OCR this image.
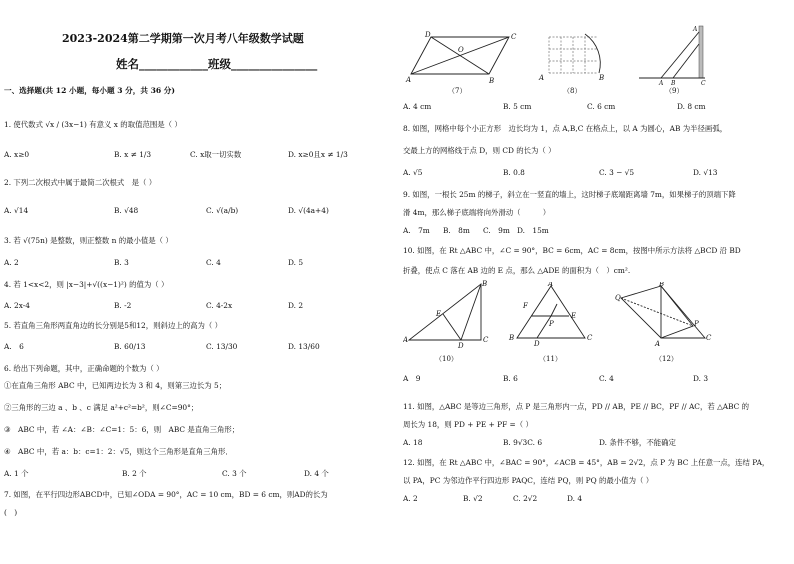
2023-2024第二学期第一次月考八年级数学试题
姓名____________班级_______________
一、选择题(共 12 小题，每小题 3 分，共 36 分)
1. 使代数式 √x / (3x−1) 有意义 x 的取值范围是（ ）
A. x≥0	B. x ≠ 1/3	C. x取一切实数	D. x≥0且x ≠ 1/3
2. 下列二次根式中属于最简二次根式　是（ ）
A. √14	B. √48	C. √(a/b)	D. √(4a+4)
3. 若 √(75n) 是整数，则正整数 n 的最小值是（ ）
A. 2	B. 3	C. 4	D. 5
4. 若 1<x<2，则 |x−3|+√((x−1)²) 的值为（ ）
A. 2x-4	B. -2	C. 4-2x	D. 2
5. 若直角三角形两直角边的长分别是5和12，则斜边上的高为（ ）
A.　6	B. 60/13	C. 13/30	D. 13/60
6. 给出下列命题，其中，正确命题的个数为（ ）
①在直角三角形 ABC 中，已知两边长为 3 和 4，则第三边长为 5；
②三角形的三边 a 、b 、c 满足 a²+c²=b²，则∠C=90°；
③　ABC 中，若 ∠A：∠B：∠C=1：5：6，则　ABC 是直角三角形；
④　ABC 中，若 a：b：c=1：2：√5，则这个三角形是直角三角形．
A. 1 个	B. 2 个	C. 3 个	D. 4 个
7. 如图，在平行四边形ABCD中，已知∠ODA = 90°，AC = 10 cm，BD = 6 cm，则AD的长为
(　)
A
D	C
B
O
（7）
A	B
（8）
A B	C
A
（9）
A. 4 cm	B. 5 cm	C. 6 cm	D. 8 cm
8. 如图，网格中每个小正方形　边长均为 1，点 A,B,C 在格点上，以 A 为圆心，AB 为半径画弧，
交最上方的网格线于点 D，则 CD 的长为（ ）
A. √5	B. 0.8	C. 3 − √5	D. √13
9. 如图，一根长 25m 的梯子，斜立在一竖直的墙上，这时梯子底端距离墙 7m，如果梯子的顶端下降
滑 4m，那么梯子底端将向外滑动（　　　）
A.　7m B.　8m C.　9m D.　15m
10. 如图，在 Rt △ABC 中，∠C = 90°，BC = 6cm，AC = 8cm，按图中所示方法将 △BCD 沿 BD
折叠，使点 C 落在 AB 边的 E 点，那么 △ADE 的面积为（　）cm².
A
B
C
D
E
（10）
B
A
C
D
E
F
P
（11）
Q
B
C
A
P
（12）
A　9	B. 6	C. 4	D. 3
11. 如图，△ABC 是等边三角形，点 P 是三角形内一点，PD // AB，PE // BC，PF // AC，若 △ABC 的
周长为 18，则 PD + PE + PF =（ ）
A. 18	B. 9√3C. 6	D. 条件不够，不能确定
12. 如图，在 Rt △ABC 中，∠BAC = 90°，∠ACB = 45°，AB = 2√2，点 P 为 BC 上任意一点，连结 PA，
以 PA，PC 为邻边作平行四边形 PAQC，连结 PQ，则 PQ 的最小值为（ ）
A. 2	B. √2	C. 2√2	D. 4
